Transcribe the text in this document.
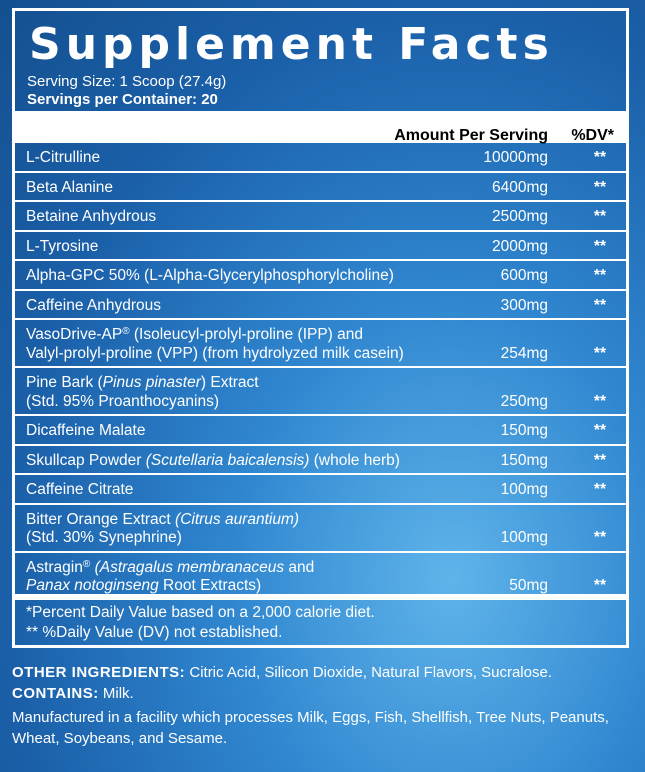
Supplement Facts
Serving Size: 1 Scoop (27.4g)
Servings per Container: 20
Amount Per Serving %DV*
L-Citrulline	10000mg	**
Beta Alanine	6400mg	**
Betaine Anhydrous	2500mg	**
L-Tyrosine	2000mg	**
Alpha-GPC 50% (L-Alpha-Glycerylphosphorylcholine)	600mg	**
Caffeine Anhydrous	300mg	**
VasoDrive-AP® (Isoleucyl-prolyl-proline (IPP) and
Valyl-prolyl-proline (VPP) (from hydrolyzed milk casein)	254mg	**
Pine Bark (Pinus pinaster) Extract
(Std. 95% Proanthocyanins)	250mg	**
Dicaffeine Malate	150mg	**
Skullcap Powder (Scutellaria baicalensis) (whole herb)	150mg	**
Caffeine Citrate	100mg	**
Bitter Orange Extract (Citrus aurantium)
(Std. 30% Synephrine)	100mg	**
Astragin® (Astragalus membranaceus and
Panax notoginseng Root Extracts)	50mg	**
*Percent Daily Value based on a 2,000 calorie diet.
** %Daily Value (DV) not established.

OTHER INGREDIENTS: Citric Acid, Silicon Dioxide, Natural Flavors, Sucralose.

CONTAINS: Milk.

Manufactured in a facility which processes Milk, Eggs, Fish, Shellfish, Tree Nuts, Peanuts, Wheat, Soybeans, and Sesame.
